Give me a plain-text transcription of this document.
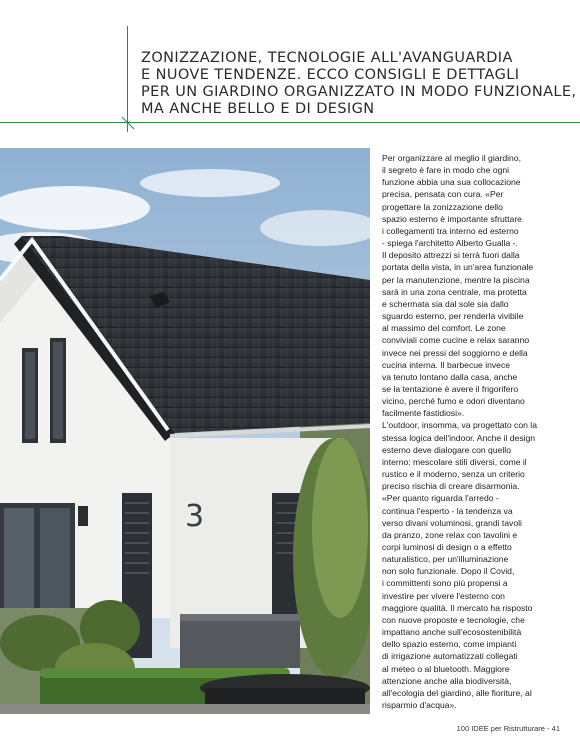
ZONIZZAZIONE, TECNOLOGIE ALL'AVANGUARDIA
E NUOVE TENDENZE. ECCO CONSIGLI E DETTAGLI
PER UN GIARDINO ORGANIZZATO IN MODO FUNZIONALE,
MA ANCHE BELLO E DI DESIGN
3

Per organizzare al meglio il giardino,
il segreto è fare in modo che ogni
funzione abbia una sua collocazione
precisa, pensata con cura. «Per
progettare la zonizzazione dello
spazio esterno è importante sfruttare
i collegamenti tra interno ed esterno
- spiega l'architetto Alberto Gualla -.
Il deposito attrezzi si terrà fuori dalla
portata della vista, in un'area funzionale
per la manutenzione, mentre la piscina
sarà in una zona centrale, ma protetta
e schermata sia dal sole sia dallo
sguardo esterno, per renderla vivibile
al massimo del comfort. Le zone
conviviali come cucine e relax saranno
invece nei pressi del soggiorno e della
cucina interna. Il barbecue invece
va tenuto lontano dalla casa, anche
se la tentazione è avere il frigorifero
vicino, perché fumo e odori diventano
facilmente fastidiosi».
L'outdoor, insomma, va progettato con la
stessa logica dell'indoor. Anche il design
esterno deve dialogare con quello
interno: mescolare stili diversi, come il
rustico e il moderno, senza un criterio
preciso rischia di creare disarmonia.
«Per quanto riguarda l'arredo -
continua l'esperto - la tendenza va
verso divani voluminosi, grandi tavoli
da pranzo, zone relax con tavolini e
corpi luminosi di design o a effetto
naturalistico, per un'illuminazione
non solo funzionale. Dopo il Covid,
i committenti sono più propensi a
investire per vivere l'esterno con
maggiore qualità. Il mercato ha risposto
con nuove proposte e tecnologie, che
impattano anche sull'ecosostenibilità
dello spazio esterno, come impianti
di irrigazione automatizzati collegati
al meteo o al bluetooth. Maggiore
attenzione anche alla biodiversità,
all'ecologia del giardino, alle fioriture, al
risparmio d'acqua».

100 IDEE per Ristrutturare - 41
